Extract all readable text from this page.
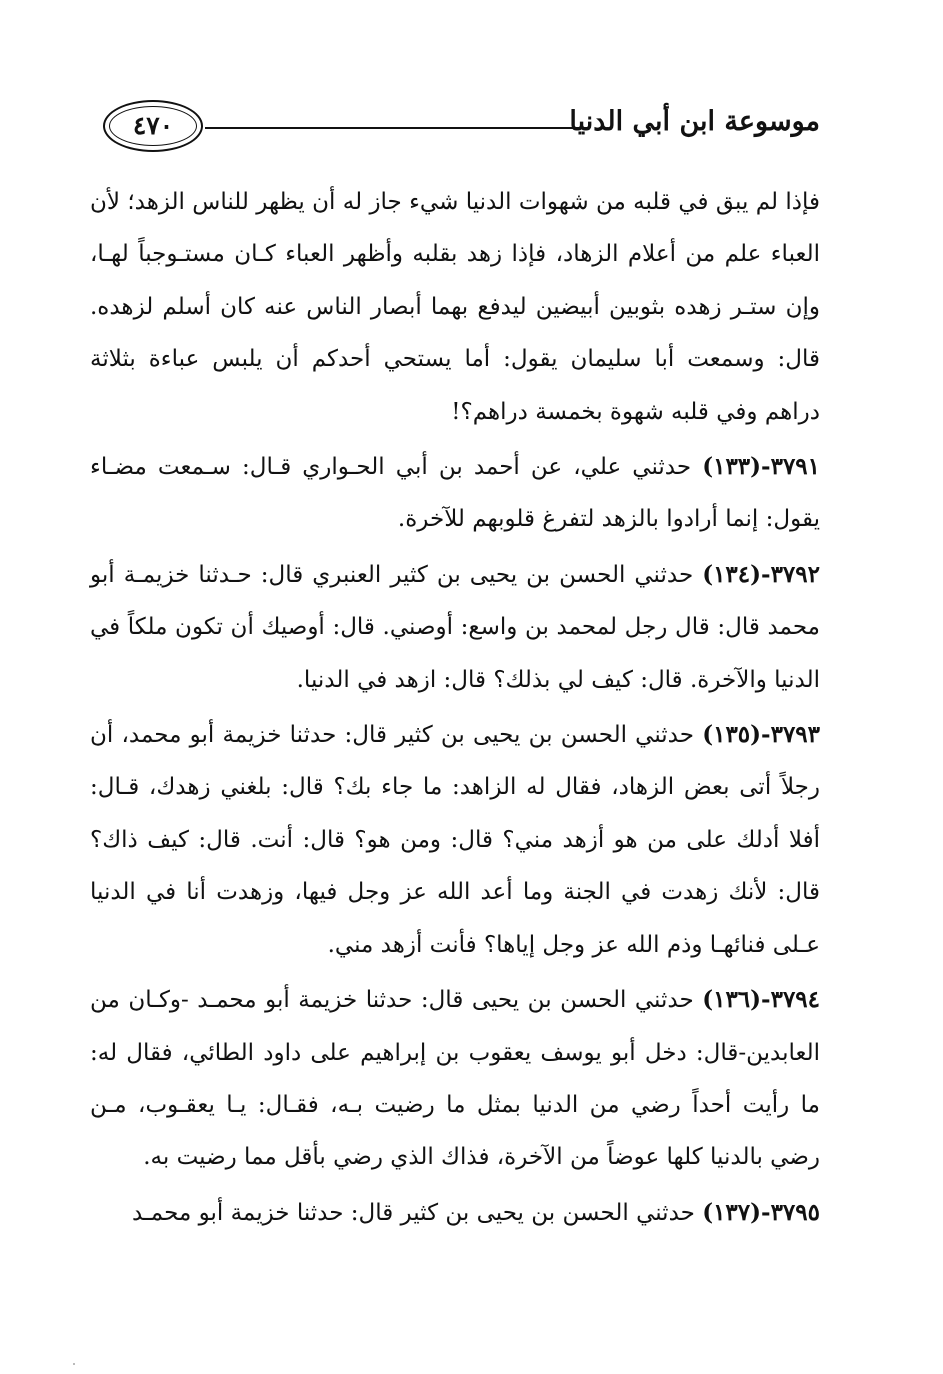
٤٧٠	موسوعة ابن أبي الدنيا

فإذا لم يبق في قلبه من شهوات الدنيا شيء جاز له أن يظهر للناس الزهد؛ لأن العباء علم من أعلام الزهاد، فإذا زهد بقلبه وأظهر العباء كـان مستـوجباً لهـا، وإن ستـر زهده بثوبين أبيضين ليدفع بهما أبصار الناس عنه كان أسلم لزهده. قال: وسمعت أبا سليمان يقول: أما يستحي أحدكم أن يلبس عباءة بثلاثة دراهم وفي قلبه شهوة بخمسة دراهم؟!

٣٧٩١-(١٣٣) حدثني علي، عن أحمد بن أبي الحـواري قـال: سـمعت مضـاء يقول: إنما أرادوا بالزهد لتفرغ قلوبهم للآخرة.

٣٧٩٢-(١٣٤) حدثني الحسن بن يحيى بن كثير العنبري قال: حـدثنا خزيمـة أبو محمد قال: قال رجل لمحمد بن واسع: أوصني. قال: أوصيك أن تكون ملكاً في الدنيا والآخرة. قال: كيف لي بذلك؟ قال: ازهد في الدنيا.

٣٧٩٣-(١٣٥) حدثني الحسن بن يحيى بن كثير قال: حدثنا خزيمة أبو محمد، أن رجلاً أتى بعض الزهاد، فقال له الزاهد: ما جاء بك؟ قال: بلغني زهدك، قـال: أفلا أدلك على من هو أزهد مني؟ قال: ومن هو؟ قال: أنت. قال: كيف ذاك؟ قال: لأنك زهدت في الجنة وما أعد الله عز وجل فيها، وزهدت أنا في الدنيا عـلى فنائهـا وذم الله عز وجل إياها؟ فأنت أزهد مني.

٣٧٩٤-(١٣٦) حدثني الحسن بن يحيى قال: حدثنا خزيمة أبو محمـد -وكـان من العابدين-قال: دخل أبو يوسف يعقوب بن إبراهيم على داود الطائي، فقال له: ما رأيت أحداً رضي من الدنيا بمثل ما رضيت بـه، فقـال: يـا يعقـوب، مـن رضي بالدنيا كلها عوضاً من الآخرة، فذاك الذي رضي بأقل مما رضيت به.

٣٧٩٥-(١٣٧) حدثني الحسن بن يحيى بن كثير قال: حدثنا خزيمة أبو محمـد
